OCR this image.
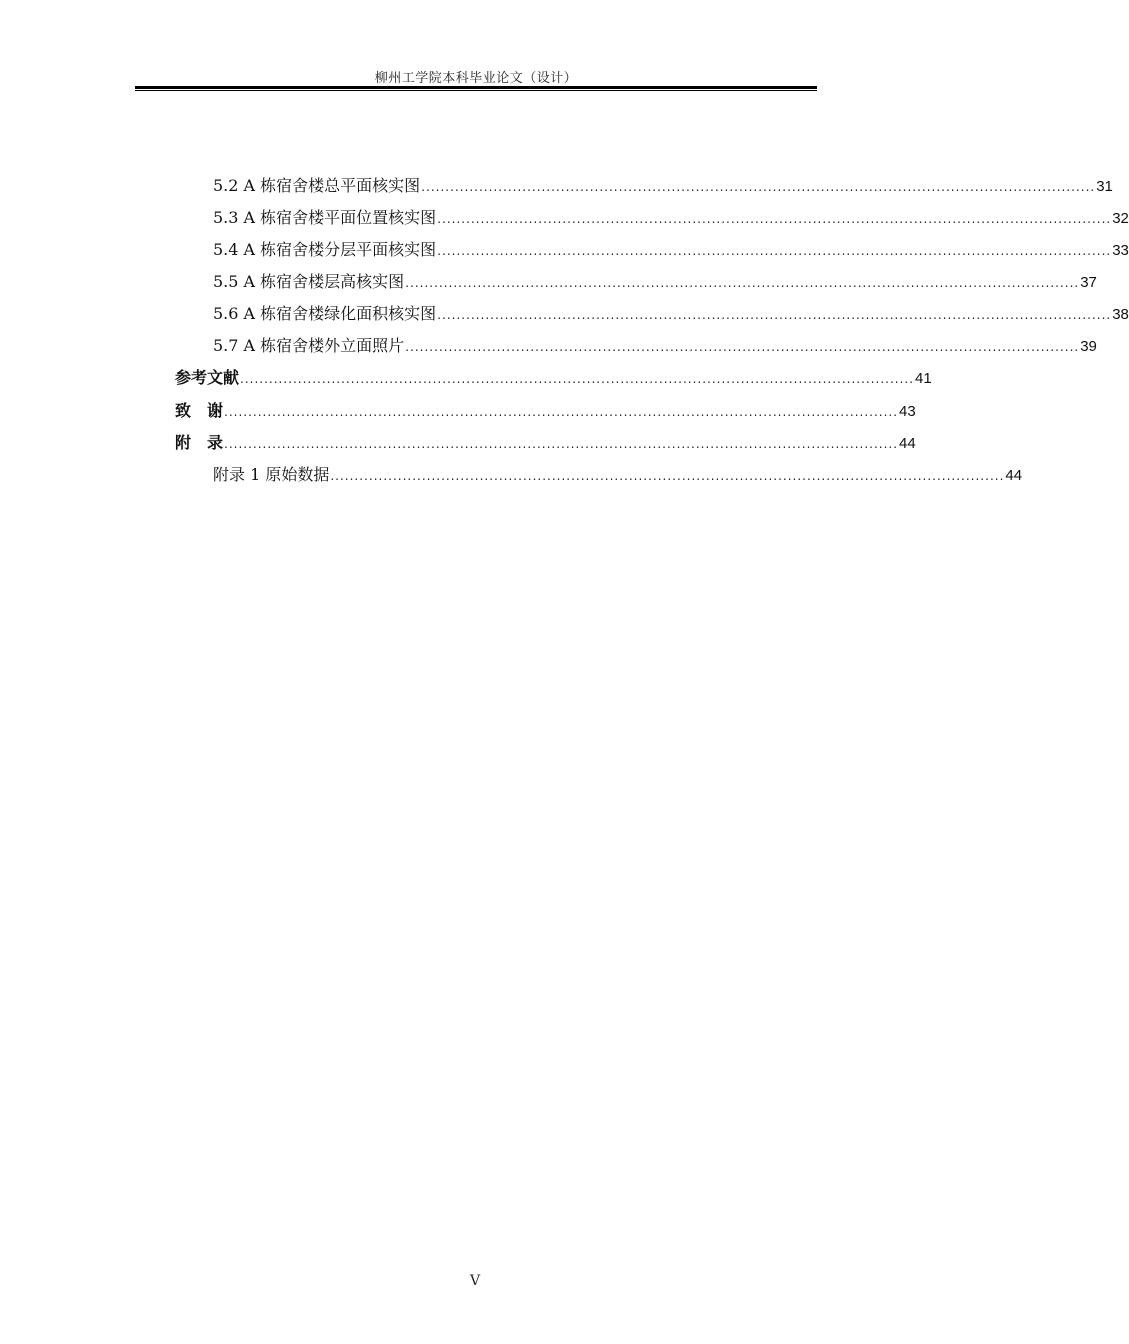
柳州工学院本科毕业论文（设计）
5.2 A 栋宿舍楼总平面核实图 ............................................................................................................................................ 31
5.3 A 栋宿舍楼平面位置核实图 ............................................................................................................................................ 32
5.4 A 栋宿舍楼分层平面核实图 ............................................................................................................................................ 33
5.5 A 栋宿舍楼层高核实图 ............................................................................................................................................ 37
5.6 A 栋宿舍楼绿化面积核实图 ............................................................................................................................................ 38
5.7 A 栋宿舍楼外立面照片 ............................................................................................................................................ 39
参考文献 ............................................................................................................................................ 41
致　谢 ............................................................................................................................................ 43
附　录 ............................................................................................................................................ 44
附录 1 原始数据 ............................................................................................................................................ 44
V
